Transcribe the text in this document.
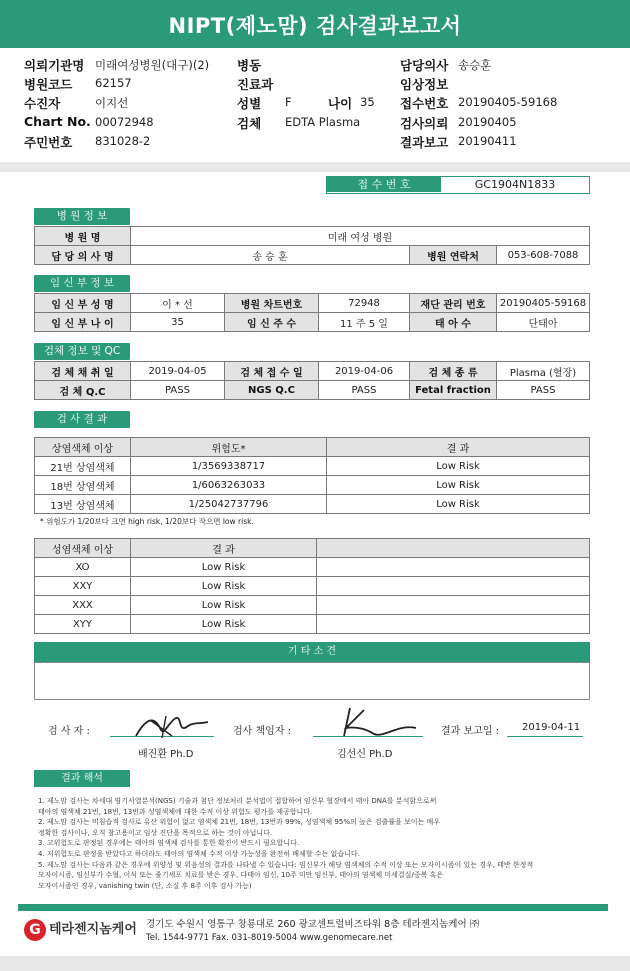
NIPT(제노맘) 검사결과보고서
의뢰기관명 미래여성병원(대구)(2)
병원코드 62157
수진자	이지선
Chart No. 00072948
주민번호 831028-2
병동
진료과
성별 F	나이 35
검체 EDTA Plasma
담당의사 송승훈
임상정보
접수번호 20190405-59168
검사의뢰 20190405
결과보고 20190411
접 수 번 호	GC1904N1833
병 원 정 보
병 원 명	미래 여성 병원		
담 당 의 사 명	송 승 훈	병원 연락처	053-608-7088
임 신 부 정 보
임 신 부 성 명	이 * 선	병원 차트번호	72948	재단 관리 번호	20190405-59168
임 신 부 나 이	35	임 신 주 수	11 주 5 일	태 아 수	단태아
검체 정보 및 QC
검 체 채 취 일	2019-04-05	검 체 접 수 일	2019-04-06	검 체 종 류	Plasma (혈장)
검 체 Q.C	PASS	NGS Q.C	PASS	Fetal fraction	PASS
검 사 결 과
상염색체 이상	위험도*	결 과
21번 상염색체	1/3569338717	Low Risk
18번 상염색체	1/6063263033	Low Risk
13번 상염색체	1/25042737796	Low Risk
* 위험도가 1/20보다 크면 high risk, 1/20보다 작으면 low risk.
성염색체 이상	결 과	
XO	Low Risk	
XXY	Low Risk	
XXX	Low Risk	
XYY	Low Risk	
기 타 소 견
검 사 자 :
배진환 Ph.D
검사 책임자 :
김선신 Ph.D
결과 보고일 : 2019-04-11
결과 해석
1. 제노맘 검사는 차세대 염기서열분석(NGS) 기술과 첨단 정보처리 분석법이 접합하여 임신부 혈장에서 태아 DNA를 분석함으로써
태아의 염색체 21번, 18번, 13번과 성염색체에 대한 수적 이상 위험도 평가를 제공합니다.
2. 제노맘 검사는 비침습적 검사로 유산 위험이 없고 염색체 21번, 18번, 13번과 99%, 성염색체 95%의 높은 검출률을 보이는 매우
정확한 검사이나, 오직 참고용이고 임상 진단을 목적으로 하는 것이 아닙니다.
3. 고위험도로 판정된 경우에는 태아의 염색체 검사를 통한 확진이 반드시 필요합니다.
4. 저위험도로 판정을 받았다고 하더라도 태아의 염색체 수적 이상 가능성을 완전히 배제할 수는 없습니다.
5. 제노맘 검사는 다음과 같은 경우에 위양성 및 위음성의 결과를 나타낼 수 있습니다: 임신부가 해당 염색체의 수적 이상 또는 모자이시즘이 있는 경우, 태반 한정적
모자이시즘, 임신부가 수혈, 이식 또는 줄기세포 치료를 받은 경우, 다태아 임신, 10주 미만 임신부, 태아의 염색체 미세결실/중복 혹은
모자이시즘인 경우, vanishing twin (단, 소실 후 8주 이후 검사 가능)
G 테라젠지놈케어 경기도 수원시 영통구 창룡대로 260 광교센트럴비즈타워 8층 테라젠지놈케어 ㈜
Tel. 1544-9771 Fax. 031-8019-5004 www.genomecare.net
